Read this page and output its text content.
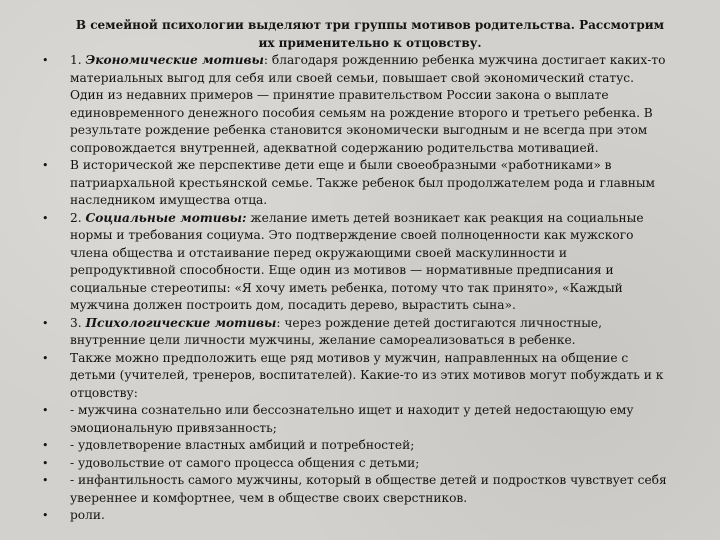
В семейной психологии выделяют три группы мотивов родительства. Рассмотрим их применительно к отцовству.
• 1. Экономические мотивы: благодаря рожденнию ребенка мужчина достигает каких-то материальных выгод для себя или своей семьи, повышает свой экономический статус. Один из недавних примеров — принятие правительством России закона о выплате единовременного денежного пособия семьям на рождение второго и третьего ребенка. В результате рождение ребенка становится экономически выгодным и не всегда при этом сопровождается внутренней, адекватной содержанию родительства мотивацией.
• В исторической же перспективе дети еще и были своеобразными «работниками» в патриархальной крестьянской семье. Также ребенок был продолжателем рода и главным наследником имущества отца.
• 2. Социальные мотивы: желание иметь детей возникает как реакция на социальные нормы и требования социума. Это подтверждение своей полноценности как мужского члена общества и отстаивание перед окружающими своей маскулинности и репродуктивной способности. Еще один из мотивов — нормативные предписания и социальные стереотипы: «Я хочу иметь ребенка, потому что так принято», «Каждый мужчина должен построить дом, посадить дерево, вырастить сына».
• 3. Психологические мотивы: через рождение детей достигаются личностные, внутренние цели личности мужчины, желание самореализоваться в ребенке.
• Также можно предположить еще ряд мотивов у мужчин, направленных на общение с детьми (учителей, тренеров, воспитателей). Какие-то из этих мотивов могут побуждать и к отцовству:
• - мужчина сознательно или бессознательно ищет и находит у детей недостающую ему эмоциональную привязанность;
• - удовлетворение властных амбиций и потребностей;
• - удовольствие от самого процесса общения с детьми;
• - инфантильность самого мужчины, который в обществе детей и подростков чувствует себя увереннее и комфортнее, чем в обществе своих сверстников.
• роли.
